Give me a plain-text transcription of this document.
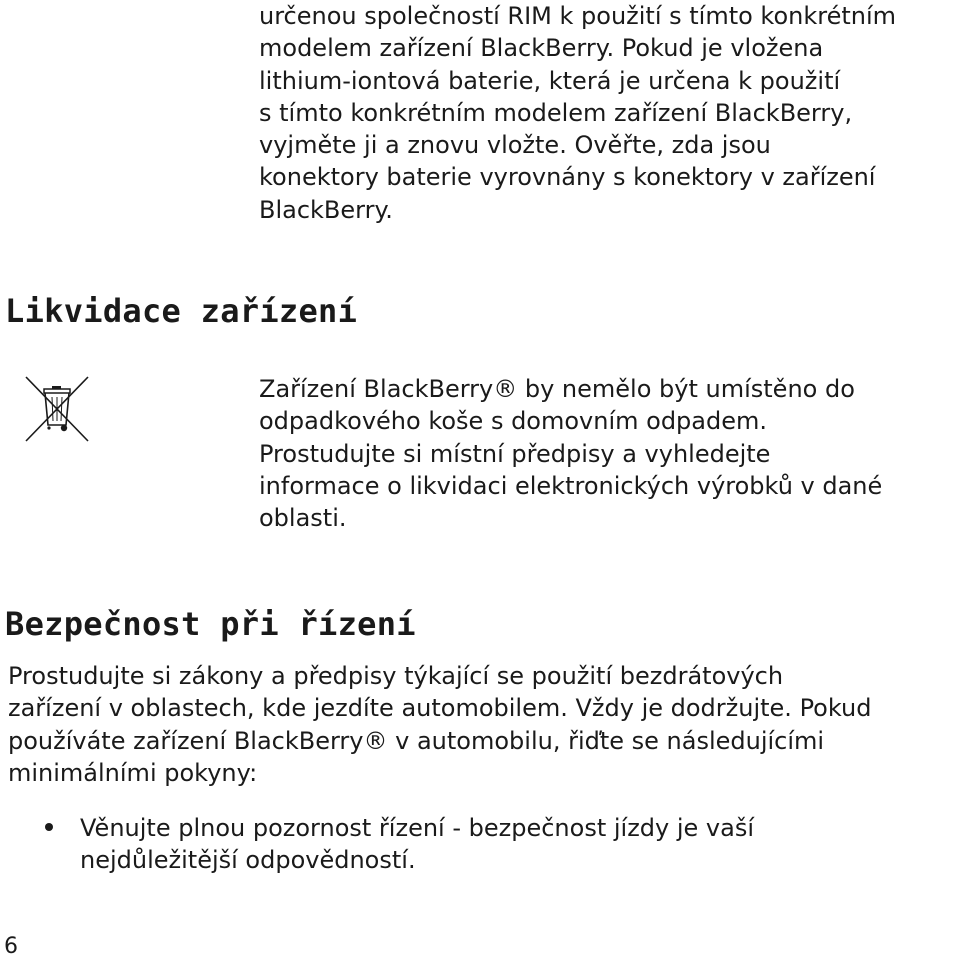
určenou společností RIM k použití s tímto konkrétním
modelem zařízení BlackBerry. Pokud je vložena
lithium-iontová baterie, která je určena k použití
s tímto konkrétním modelem zařízení BlackBerry,
vyjměte ji a znovu vložte. Ověřte, zda jsou
konektory baterie vyrovnány s konektory v zařízení
BlackBerry.
Likvidace zařízení
Zařízení BlackBerry® by nemělo být umístěno do
odpadkového koše s domovním odpadem.
Prostudujte si místní předpisy a vyhledejte
informace o likvidaci elektronických výrobků v dané
oblasti.
Bezpečnost při řízení
Prostudujte si zákony a předpisy týkající se použití bezdrátových
zařízení v oblastech, kde jezdíte automobilem. Vždy je dodržujte. Pokud
používáte zařízení BlackBerry® v automobilu, řiďte se následujícími
minimálními pokyny:
Věnujte plnou pozornost řízení - bezpečnost jízdy je vaší
nejdůležitější odpovědností.
6
